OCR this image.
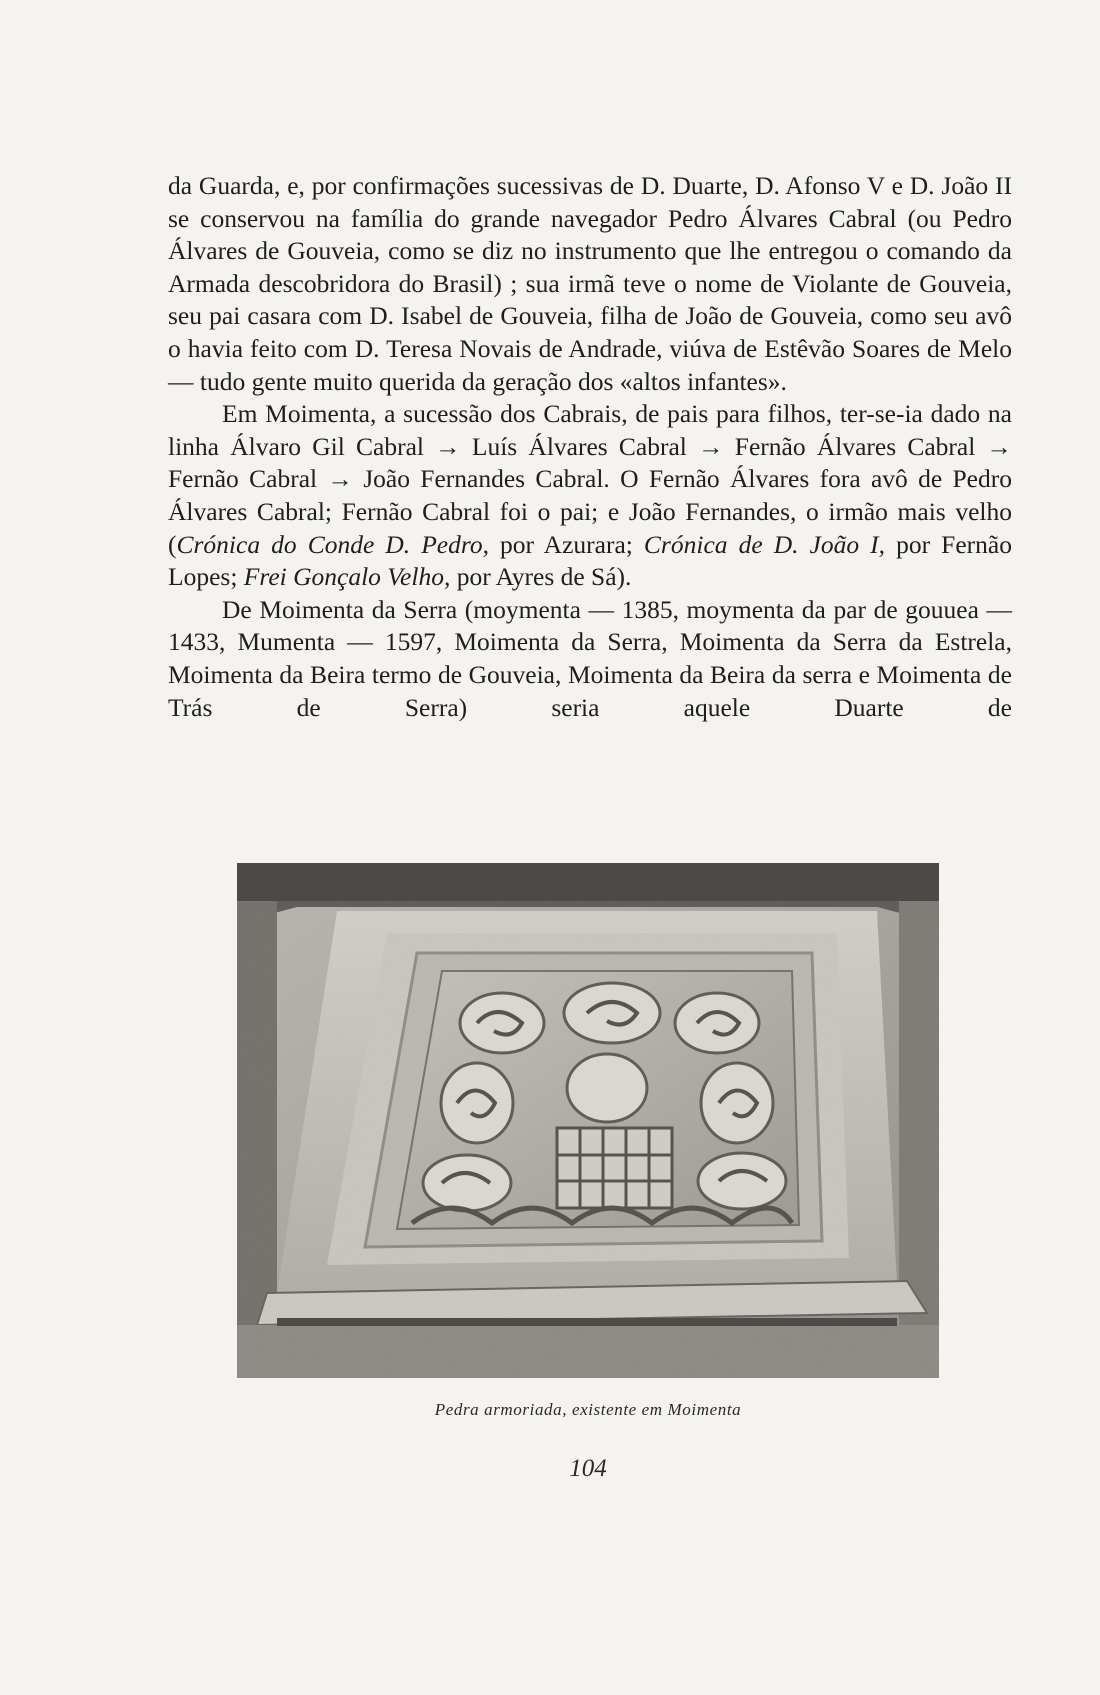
da Guarda, e, por confirmações sucessivas de D. Duarte, D. Afonso V e D. João II se conservou na família do grande navegador Pedro Álvares Cabral (ou Pedro Álvares de Gouveia, como se diz no instrumento que lhe entregou o comando da Armada descobridora do Brasil) ; sua irmã teve o nome de Violante de Gouveia, seu pai casara com D. Isabel de Gouveia, filha de João de Gouveia, como seu avô o havia feito com D. Teresa Novais de Andrade, viúva de Estêvão Soares de Melo — tudo gente muito querida da geração dos «altos infantes».

Em Moimenta, a sucessão dos Cabrais, de pais para filhos, ter-se-ia dado na linha Álvaro Gil Cabral → Luís Álvares Cabral → Fernão Álvares Cabral → Fernão Cabral → João Fernandes Cabral. O Fernão Álvares fora avô de Pedro Álvares Cabral; Fernão Cabral foi o pai; e João Fernandes, o irmão mais velho (Crónica do Conde D. Pedro, por Azurara; Crónica de D. João I, por Fernão Lopes; Frei Gonçalo Velho, por Ayres de Sá).

De Moimenta da Serra (moymenta — 1385, moymenta da par de gouuea — 1433, Mumenta — 1597, Moimenta da Serra, Moimenta da Serra da Estrela, Moimenta da Beira termo de Gouveia, Moimenta da Beira da serra e Moimenta de Trás de Serra) seria aquele Duarte de

Pedra armoriada, existente em Moimenta
104
